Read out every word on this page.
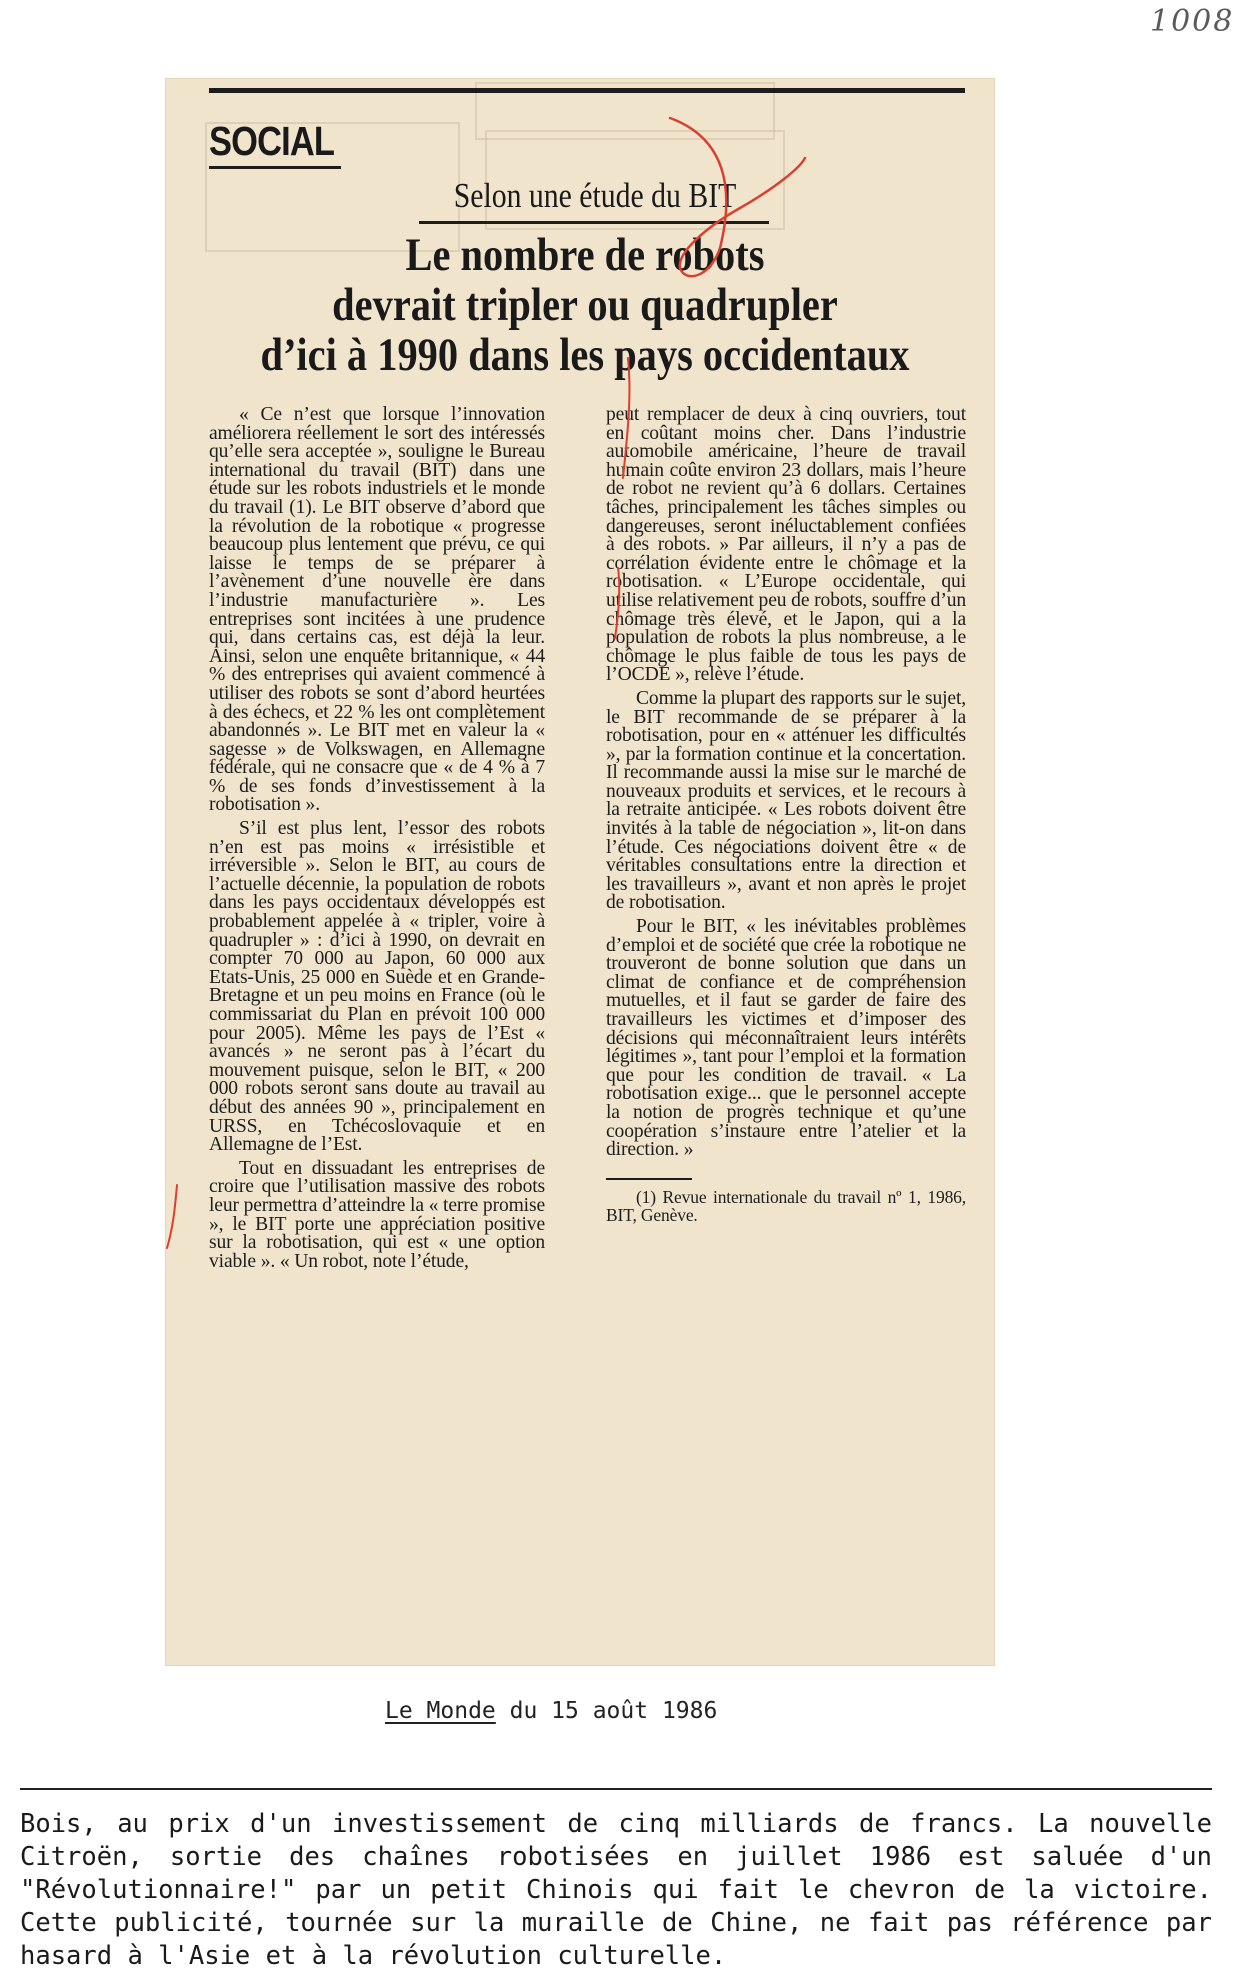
1008
SOCIAL
Selon une étude du BIT
Le nombre de robots
devrait tripler ou quadrupler
d’ici à 1990 dans les pays occidentaux

« Ce n’est que lorsque l’innovation améliorera réellement le sort des intéressés qu’elle sera acceptée », souligne le Bureau international du travail (BIT) dans une étude sur les robots industriels et le monde du travail (1). Le BIT observe d’abord que la révolution de la robotique « progresse beaucoup plus lentement que prévu, ce qui laisse le temps de se préparer à l’avènement d’une nouvelle ère dans l’industrie manufacturière ». Les entreprises sont incitées à une prudence qui, dans certains cas, est déjà la leur. Ainsi, selon une enquête britannique, « 44 % des entreprises qui avaient commencé à utiliser des robots se sont d’abord heurtées à des échecs, et 22 % les ont complètement abandonnés ». Le BIT met en valeur la « sagesse » de Volkswagen, en Allemagne fédérale, qui ne consacre que « de 4 % à 7 % de ses fonds d’investissement à la robotisation ».

S’il est plus lent, l’essor des robots n’en est pas moins « irrésistible et irréversible ». Selon le BIT, au cours de l’actuelle décennie, la population de robots dans les pays occidentaux développés est probablement appelée à « tripler, voire à quadrupler » : d’ici à 1990, on devrait en compter 70 000 au Japon, 60 000 aux Etats-Unis, 25 000 en Suède et en Grande-Bretagne et un peu moins en France (où le commissariat du Plan en prévoit 100 000 pour 2005). Même les pays de l’Est « avancés » ne seront pas à l’écart du mouvement puisque, selon le BIT, « 200 000 robots seront sans doute au travail au début des années 90 », principalement en URSS, en Tchécoslovaquie et en Allemagne de l’Est.

Tout en dissuadant les entreprises de croire que l’utilisation massive des robots leur permettra d’atteindre la « terre promise », le BIT porte une appréciation positive sur la robotisation, qui est « une option viable ». « Un robot, note l’étude,

peut remplacer de deux à cinq ouvriers, tout en coûtant moins cher. Dans l’industrie automobile américaine, l’heure de travail humain coûte environ 23 dollars, mais l’heure de robot ne revient qu’à 6 dollars. Certaines tâches, principalement les tâches simples ou dangereuses, seront inéluctablement confiées à des robots. » Par ailleurs, il n’y a pas de corrélation évidente entre le chômage et la robotisation. « L’Europe occidentale, qui utilise relativement peu de robots, souffre d’un chômage très élevé, et le Japon, qui a la population de robots la plus nombreuse, a le chômage le plus faible de tous les pays de l’OCDE », relève l’étude.

Comme la plupart des rapports sur le sujet, le BIT recommande de se préparer à la robotisation, pour en « atténuer les difficultés », par la formation continue et la concertation. Il recommande aussi la mise sur le marché de nouveaux produits et services, et le recours à la retraite anticipée. « Les robots doivent être invités à la table de négociation », lit-on dans l’étude. Ces négociations doivent être « de véritables consultations entre la direction et les travailleurs », avant et non après le projet de robotisation.

Pour le BIT, « les inévitables problèmes d’emploi et de société que crée la robotique ne trouveront de bonne solution que dans un climat de confiance et de compréhension mutuelles, et il faut se garder de faire des travailleurs les victimes et d’imposer des décisions qui méconnaîtraient leurs intérêts légitimes », tant pour l’emploi et la formation que pour les condition de travail. « La robotisation exige... que le personnel accepte la notion de progrès technique et qu’une coopération s’instaure entre l’atelier et la direction. »

(1) Revue internationale du travail nº 1, 1986, BIT, Genève.

Le Monde du 15 août 1986
Bois, au prix d'un investissement de cinq milliards de francs. La nouvelle Citroën, sortie des chaînes robotisées en juillet 1986 est saluée d'un "Révolutionnaire!" par un petit Chinois qui fait le chevron de la victoire. Cette publicité, tournée sur la muraille de Chine, ne fait pas référence par hasard à l'Asie et à la révolution culturelle.
